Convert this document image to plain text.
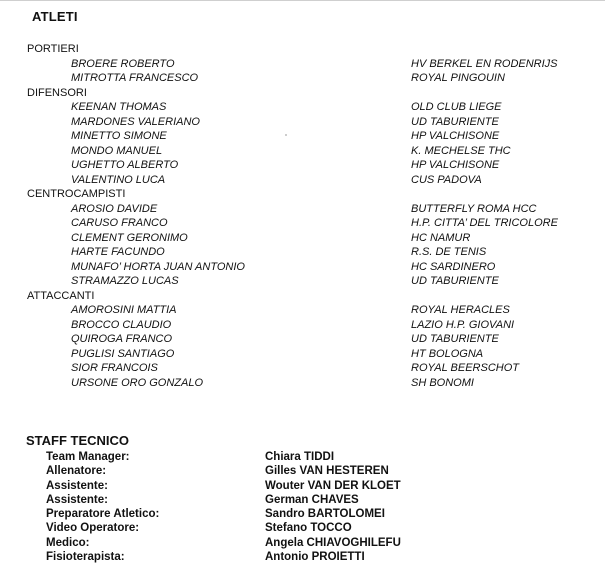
ATLETI
PORTIERI
BROERE ROBERTO	HV BERKEL EN RODENRIJS
MITROTTA FRANCESCO	ROYAL PINGOUIN
DIFENSORI
KEENAN THOMAS	OLD CLUB LIEGE
MARDONES VALERIANO	UD TABURIENTE
MINETTO SIMONE	HP VALCHISONE
MONDO MANUEL	K. MECHELSE THC
UGHETTO ALBERTO	HP VALCHISONE
VALENTINO LUCA	CUS PADOVA
CENTROCAMPISTI
AROSIO DAVIDE	BUTTERFLY ROMA HCC
CARUSO FRANCO	H.P. CITTA’ DEL TRICOLORE
CLEMENT GERONIMO	HC NAMUR
HARTE FACUNDO	R.S. DE TENIS
MUNAFO’ HORTA JUAN ANTONIO	HC SARDINERO
STRAMAZZO LUCAS	UD TABURIENTE
ATTACCANTI
AMOROSINI MATTIA	ROYAL HERACLES
BROCCO CLAUDIO	LAZIO H.P. GIOVANI
QUIROGA FRANCO	UD TABURIENTE
PUGLISI SANTIAGO	HT BOLOGNA
SIOR FRANCOIS	ROYAL BEERSCHOT
URSONE ORO GONZALO	SH BONOMI
STAFF TECNICO
Team Manager:	Chiara TIDDI
Allenatore:	Gilles VAN HESTEREN
Assistente:	Wouter VAN DER KLOET
Assistente:	German CHAVES
Preparatore Atletico:	Sandro BARTOLOMEI
Video Operatore:	Stefano TOCCO
Medico:	Angela CHIAVOGHILEFU
Fisioterapista:	Antonio PROIETTI
